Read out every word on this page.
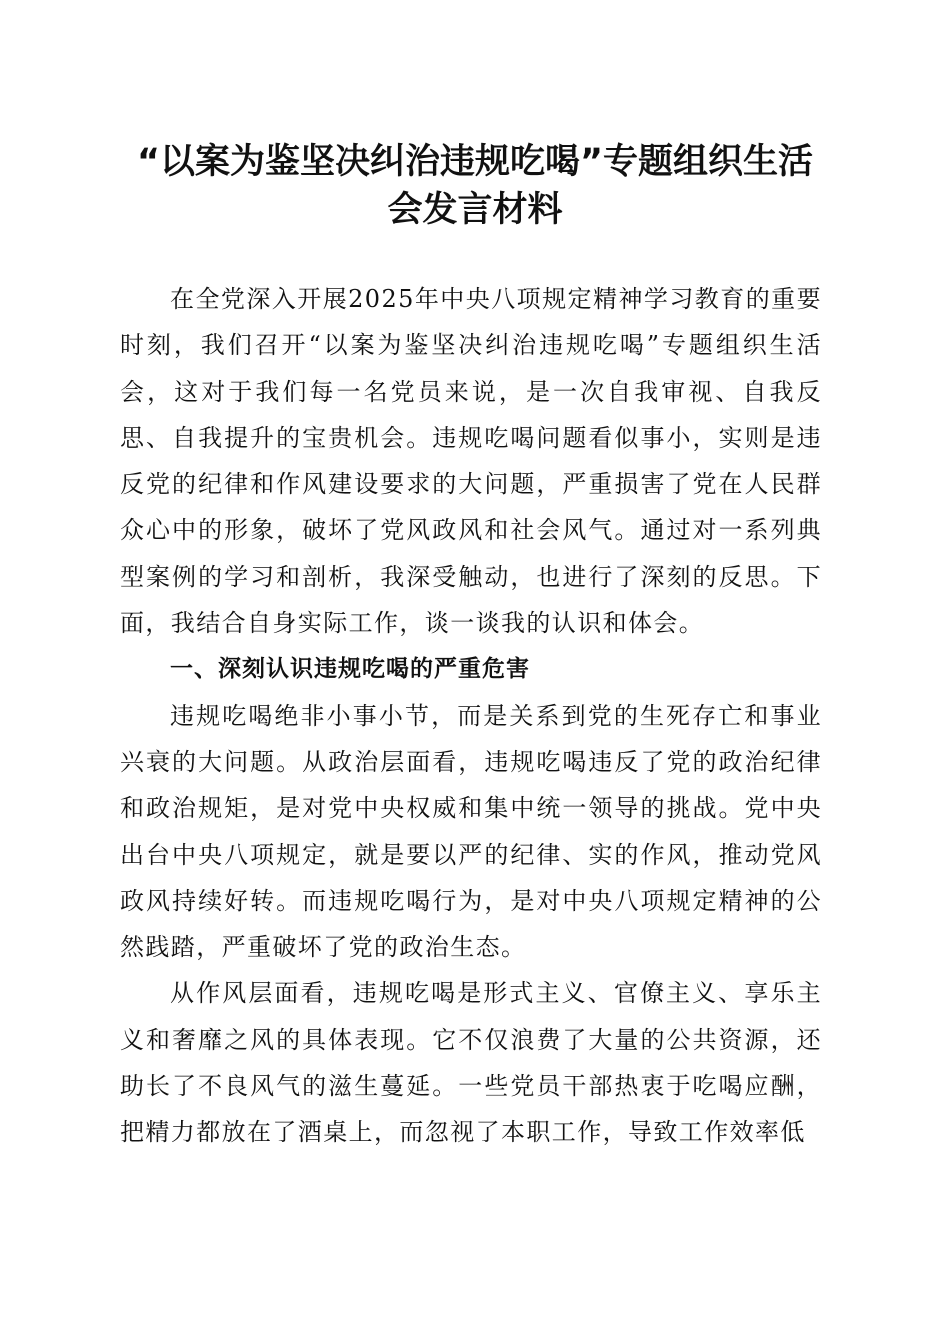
“以案为鉴坚决纠治违规吃喝”专题组织生活
会发言材料

在全党深入开展2025年中央八项规定精神学习教育的重要时刻，我们召开“以案为鉴坚决纠治违规吃喝”专题组织生活会，这对于我们每一名党员来说，是一次自我审视、自我反思、自我提升的宝贵机会。违规吃喝问题看似事小，实则是违反党的纪律和作风建设要求的大问题，严重损害了党在人民群众心中的形象，破坏了党风政风和社会风气。通过对一系列典型案例的学习和剖析，我深受触动，也进行了深刻的反思。下面，我结合自身实际工作，谈一谈我的认识和体会。

一、深刻认识违规吃喝的严重危害

违规吃喝绝非小事小节，而是关系到党的生死存亡和事业兴衰的大问题。从政治层面看，违规吃喝违反了党的政治纪律和政治规矩，是对党中央权威和集中统一领导的挑战。党中央出台中央八项规定，就是要以严的纪律、实的作风，推动党风政风持续好转。而违规吃喝行为，是对中央八项规定精神的公然践踏，严重破坏了党的政治生态。

从作风层面看，违规吃喝是形式主义、官僚主义、享乐主义和奢靡之风的具体表现。它不仅浪费了大量的公共资源，还助长了不良风气的滋生蔓延。一些党员干部热衷于吃喝应酬，把精力都放在了酒桌上，而忽视了本职工作，导致工作效率低
